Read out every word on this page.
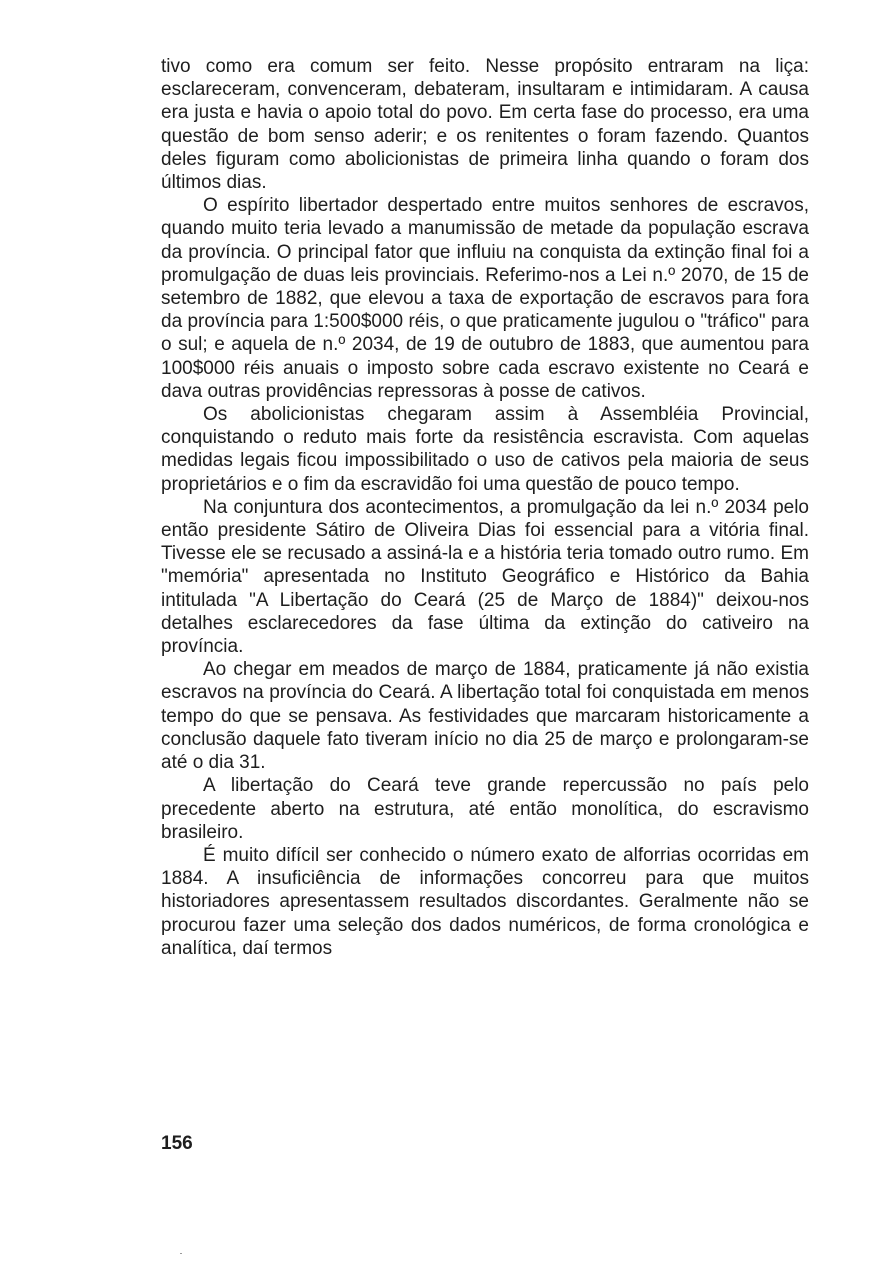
tivo como era comum ser feito. Nesse propósito entraram na liça: esclareceram, convenceram, debateram, insultaram e intimidaram. A causa era justa e havia o apoio total do povo. Em certa fase do processo, era uma questão de bom senso aderir; e os renitentes o foram fazendo. Quantos deles figuram como abolicionistas de primeira linha quando o foram dos últimos dias.

O espírito libertador despertado entre muitos senhores de escravos, quando muito teria levado a manumissão de metade da população escrava da província. O principal fator que influiu na conquista da extinção final foi a promulgação de duas leis provinciais. Referimo-nos a Lei n.º 2070, de 15 de setembro de 1882, que elevou a taxa de exportação de escravos para fora da província para 1:500$000 réis, o que praticamente jugulou o "tráfico" para o sul; e aquela de n.º 2034, de 19 de outubro de 1883, que aumentou para 100$000 réis anuais o imposto sobre cada escravo existente no Ceará e dava outras providências repressoras à posse de cativos.

Os abolicionistas chegaram assim à Assembléia Provincial, conquistando o reduto mais forte da resistência escravista. Com aquelas medidas legais ficou impossibilitado o uso de cativos pela maioria de seus proprietários e o fim da escravidão foi uma questão de pouco tempo.

Na conjuntura dos acontecimentos, a promulgação da lei n.º 2034 pelo então presidente Sátiro de Oliveira Dias foi essencial para a vitória final. Tivesse ele se recusado a assiná-la e a história teria tomado outro rumo. Em "memória" apresentada no Instituto Geográfico e Histórico da Bahia intitulada "A Libertação do Ceará (25 de Março de 1884)" deixou-nos detalhes esclarecedores da fase última da extinção do cativeiro na província.

Ao chegar em meados de março de 1884, praticamente já não existia escravos na província do Ceará. A libertação total foi conquistada em menos tempo do que se pensava. As festividades que marcaram historicamente a conclusão daquele fato tiveram início no dia 25 de março e prolongaram-se até o dia 31.

A libertação do Ceará teve grande repercussão no país pelo precedente aberto na estrutura, até então monolítica, do escravismo brasileiro.

É muito difícil ser conhecido o número exato de alforrias ocorridas em 1884. A insuficiência de informações concorreu para que muitos historiadores apresentassem resultados discordantes. Geralmente não se procurou fazer uma seleção dos dados numéricos, de forma cronológica e analítica, daí termos

156
